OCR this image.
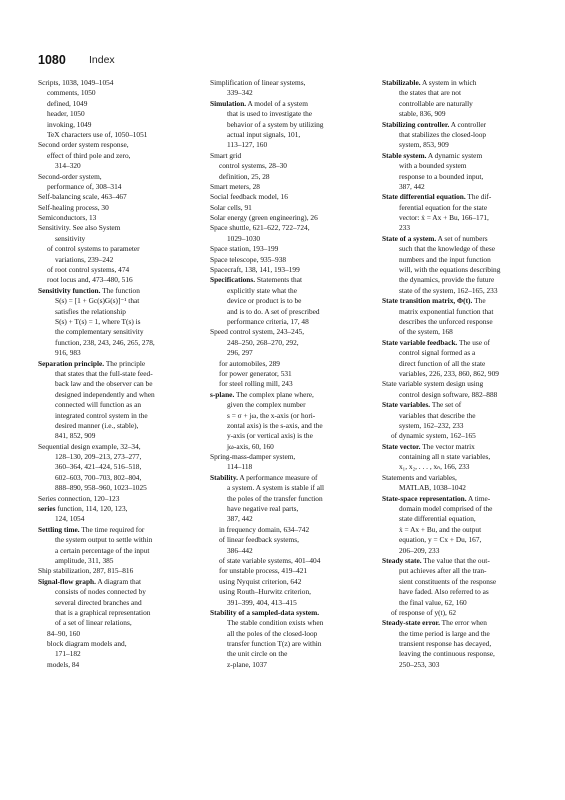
1080 Index
Scripts, 1038, 1049–1054
comments, 1050
defined, 1049
header, 1050
invoking, 1049
TeX characters use of, 1050–1051
Second order system response,
effect of third pole and zero,
314–320
Second-order system,
performance of, 308–314
Self-balancing scale, 463–467
Self-healing process, 30
Semiconductors, 13
Sensitivity. See also System
sensitivity
of control systems to parameter
variations, 239–242
of root control systems, 474
root locus and, 473–480, 516
Sensitivity function. The function
S(s) = [1 + Gc(s)G(s)]⁻¹ that
satisfies the relationship
S(s) + T(s) = 1, where T(s) is
the complementary sensitivity
function, 238, 243, 246, 265, 278,
916, 983
Separation principle. The principle
that states that the full-state feed-
back law and the observer can be
designed independently and when
connected will function as an
integrated control system in the
desired manner (i.e., stable),
841, 852, 909
Sequential design example, 32–34,
128–130, 209–213, 273–277,
360–364, 421–424, 516–518,
602–603, 700–703, 802–804,
888–890, 958–960, 1023–1025
Series connection, 120–123
series function, 114, 120, 123,
124, 1054
Settling time. The time required for
the system output to settle within
a certain percentage of the input
amplitude, 311, 385
Ship stabilization, 287, 815–816
Signal-flow graph. A diagram that
consists of nodes connected by
several directed branches and
that is a graphical representation
of a set of linear relations,
84–90, 160
block diagram models and,
171–182
models, 84
Simplification of linear systems,
339–342
Simulation. A model of a system
that is used to investigate the
behavior of a system by utilizing
actual input signals, 101,
113–127, 160
Smart grid
control systems, 28–30
definition, 25, 28
Smart meters, 28
Social feedback model, 16
Solar cells, 91
Solar energy (green engineering), 26
Space shuttle, 621–622, 722–724,
1029–1030
Space station, 193–199
Space telescope, 935–938
Spacecraft, 138, 141, 193–199
Specifications. Statements that
explicitly state what the
device or product is to be
and is to do. A set of prescribed
performance criteria, 17, 48
Speed control system, 243–245,
248–250, 268–270, 292,
296, 297
for automobiles, 289
for power generator, 531
for steel rolling mill, 243
s-plane. The complex plane where,
given the complex number
s = σ + jω, the x-axis (or hori-
zontal axis) is the s-axis, and the
y-axis (or vertical axis) is the
jω-axis, 60, 160
Spring-mass-damper system,
114–118
Stability. A performance measure of
a system. A system is stable if all
the poles of the transfer function
have negative real parts,
387, 442
in frequency domain, 634–742
of linear feedback systems,
386–442
of state variable systems, 401–404
for unstable process, 419–421
using Nyquist criterion, 642
using Routh–Hurwitz criterion,
391–399, 404, 413–415
Stability of a sampled-data system.
The stable condition exists when
all the poles of the closed-loop
transfer function T(z) are within
the unit circle on the
z-plane, 1037
Stabilizable. A system in which
the states that are not
controllable are naturally
stable, 836, 909
Stabilizing controller. A controller
that stabilizes the closed-loop
system, 853, 909
Stable system. A dynamic system
with a bounded system
response to a bounded input,
387, 442
State differential equation. The dif-
ferential equation for the state
vector: ẋ = Ax + Bu, 166–171,
233
State of a system. A set of numbers
such that the knowledge of these
numbers and the input function
will, with the equations describing
the dynamics, provide the future
state of the system, 162–165, 233
State transition matrix, Φ(t). The
matrix exponential function that
describes the unforced response
of the system, 168
State variable feedback. The use of
control signal formed as a
direct function of all the state
variables, 226, 233, 860, 862, 909
State variable system design using
control design software, 882–888
State variables. The set of
variables that describe the
system, 162–232, 233
of dynamic system, 162–165
State vector. The vector matrix
containing all n state variables,
x₁, x₂, . . . , xₙ, 166, 233
Statements and variables,
MATLAB, 1038–1042
State-space representation. A time-
domain model comprised of the
state differential equation,
ẋ = Ax + Bu, and the output
equation, y = Cx + Du, 167,
206–209, 233
Steady state. The value that the out-
put achieves after all the tran-
sient constituents of the response
have faded. Also referred to as
the final value, 62, 160
of response of y(t), 62
Steady-state error. The error when
the time period is large and the
transient response has decayed,
leaving the continuous response,
250–253, 303
